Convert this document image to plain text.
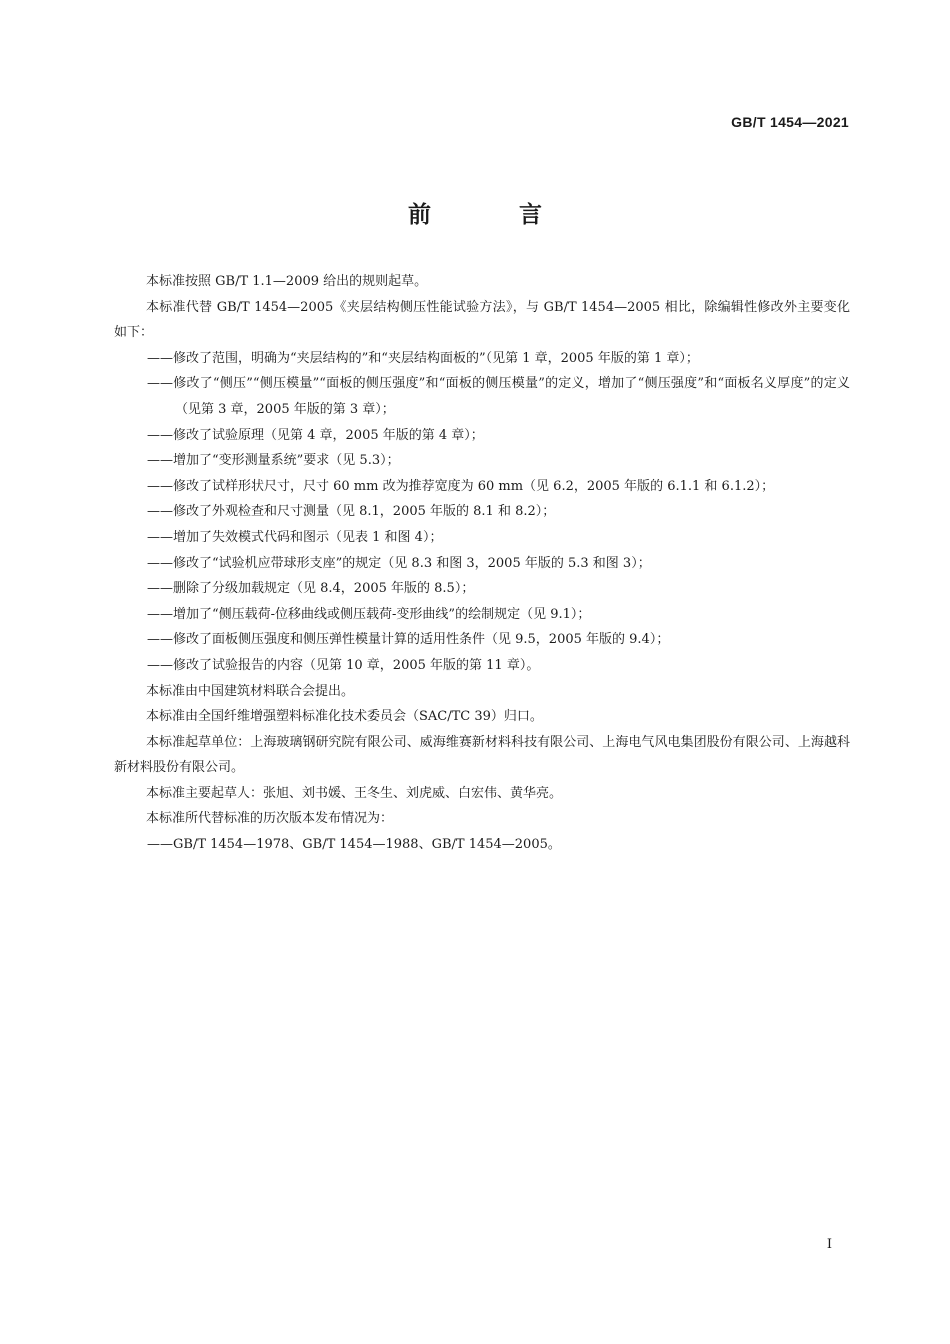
GB/T 1454—2021
前 言

本标准按照 GB/T 1.1—2009 给出的规则起草。

本标准代替 GB/T 1454—2005《夹层结构侧压性能试验方法》，与 GB/T 1454—2005 相比，除编辑性修改外主要变化如下：

——修改了范围，明确为“夹层结构的”和“夹层结构面板的”（见第 1 章，2005 年版的第 1 章）；

——修改了“侧压”“侧压模量”“面板的侧压强度”和“面板的侧压模量”的定义，增加了“侧压强度”和“面板名义厚度”的定义（见第 3 章，2005 年版的第 3 章）；

——修改了试验原理（见第 4 章，2005 年版的第 4 章）；

——增加了“变形测量系统”要求（见 5.3）；

——修改了试样形状尺寸，尺寸 60 mm 改为推荐宽度为 60 mm（见 6.2，2005 年版的 6.1.1 和 6.1.2）；

——修改了外观检查和尺寸测量（见 8.1，2005 年版的 8.1 和 8.2）；

——增加了失效模式代码和图示（见表 1 和图 4）；

——修改了“试验机应带球形支座”的规定（见 8.3 和图 3，2005 年版的 5.3 和图 3）；

——删除了分级加载规定（见 8.4，2005 年版的 8.5）；

——增加了“侧压载荷-位移曲线或侧压载荷-变形曲线”的绘制规定（见 9.1）；

——修改了面板侧压强度和侧压弹性模量计算的适用性条件（见 9.5，2005 年版的 9.4）；

——修改了试验报告的内容（见第 10 章，2005 年版的第 11 章）。

本标准由中国建筑材料联合会提出。

本标准由全国纤维增强塑料标准化技术委员会（SAC/TC 39）归口。

本标准起草单位：上海玻璃钢研究院有限公司、威海维赛新材料科技有限公司、上海电气风电集团股份有限公司、上海越科新材料股份有限公司。

本标准主要起草人：张旭、刘书媛、王冬生、刘虎威、白宏伟、黄华亮。

本标准所代替标准的历次版本发布情况为：

——GB/T 1454—1978、GB/T 1454—1988、GB/T 1454—2005。

I
